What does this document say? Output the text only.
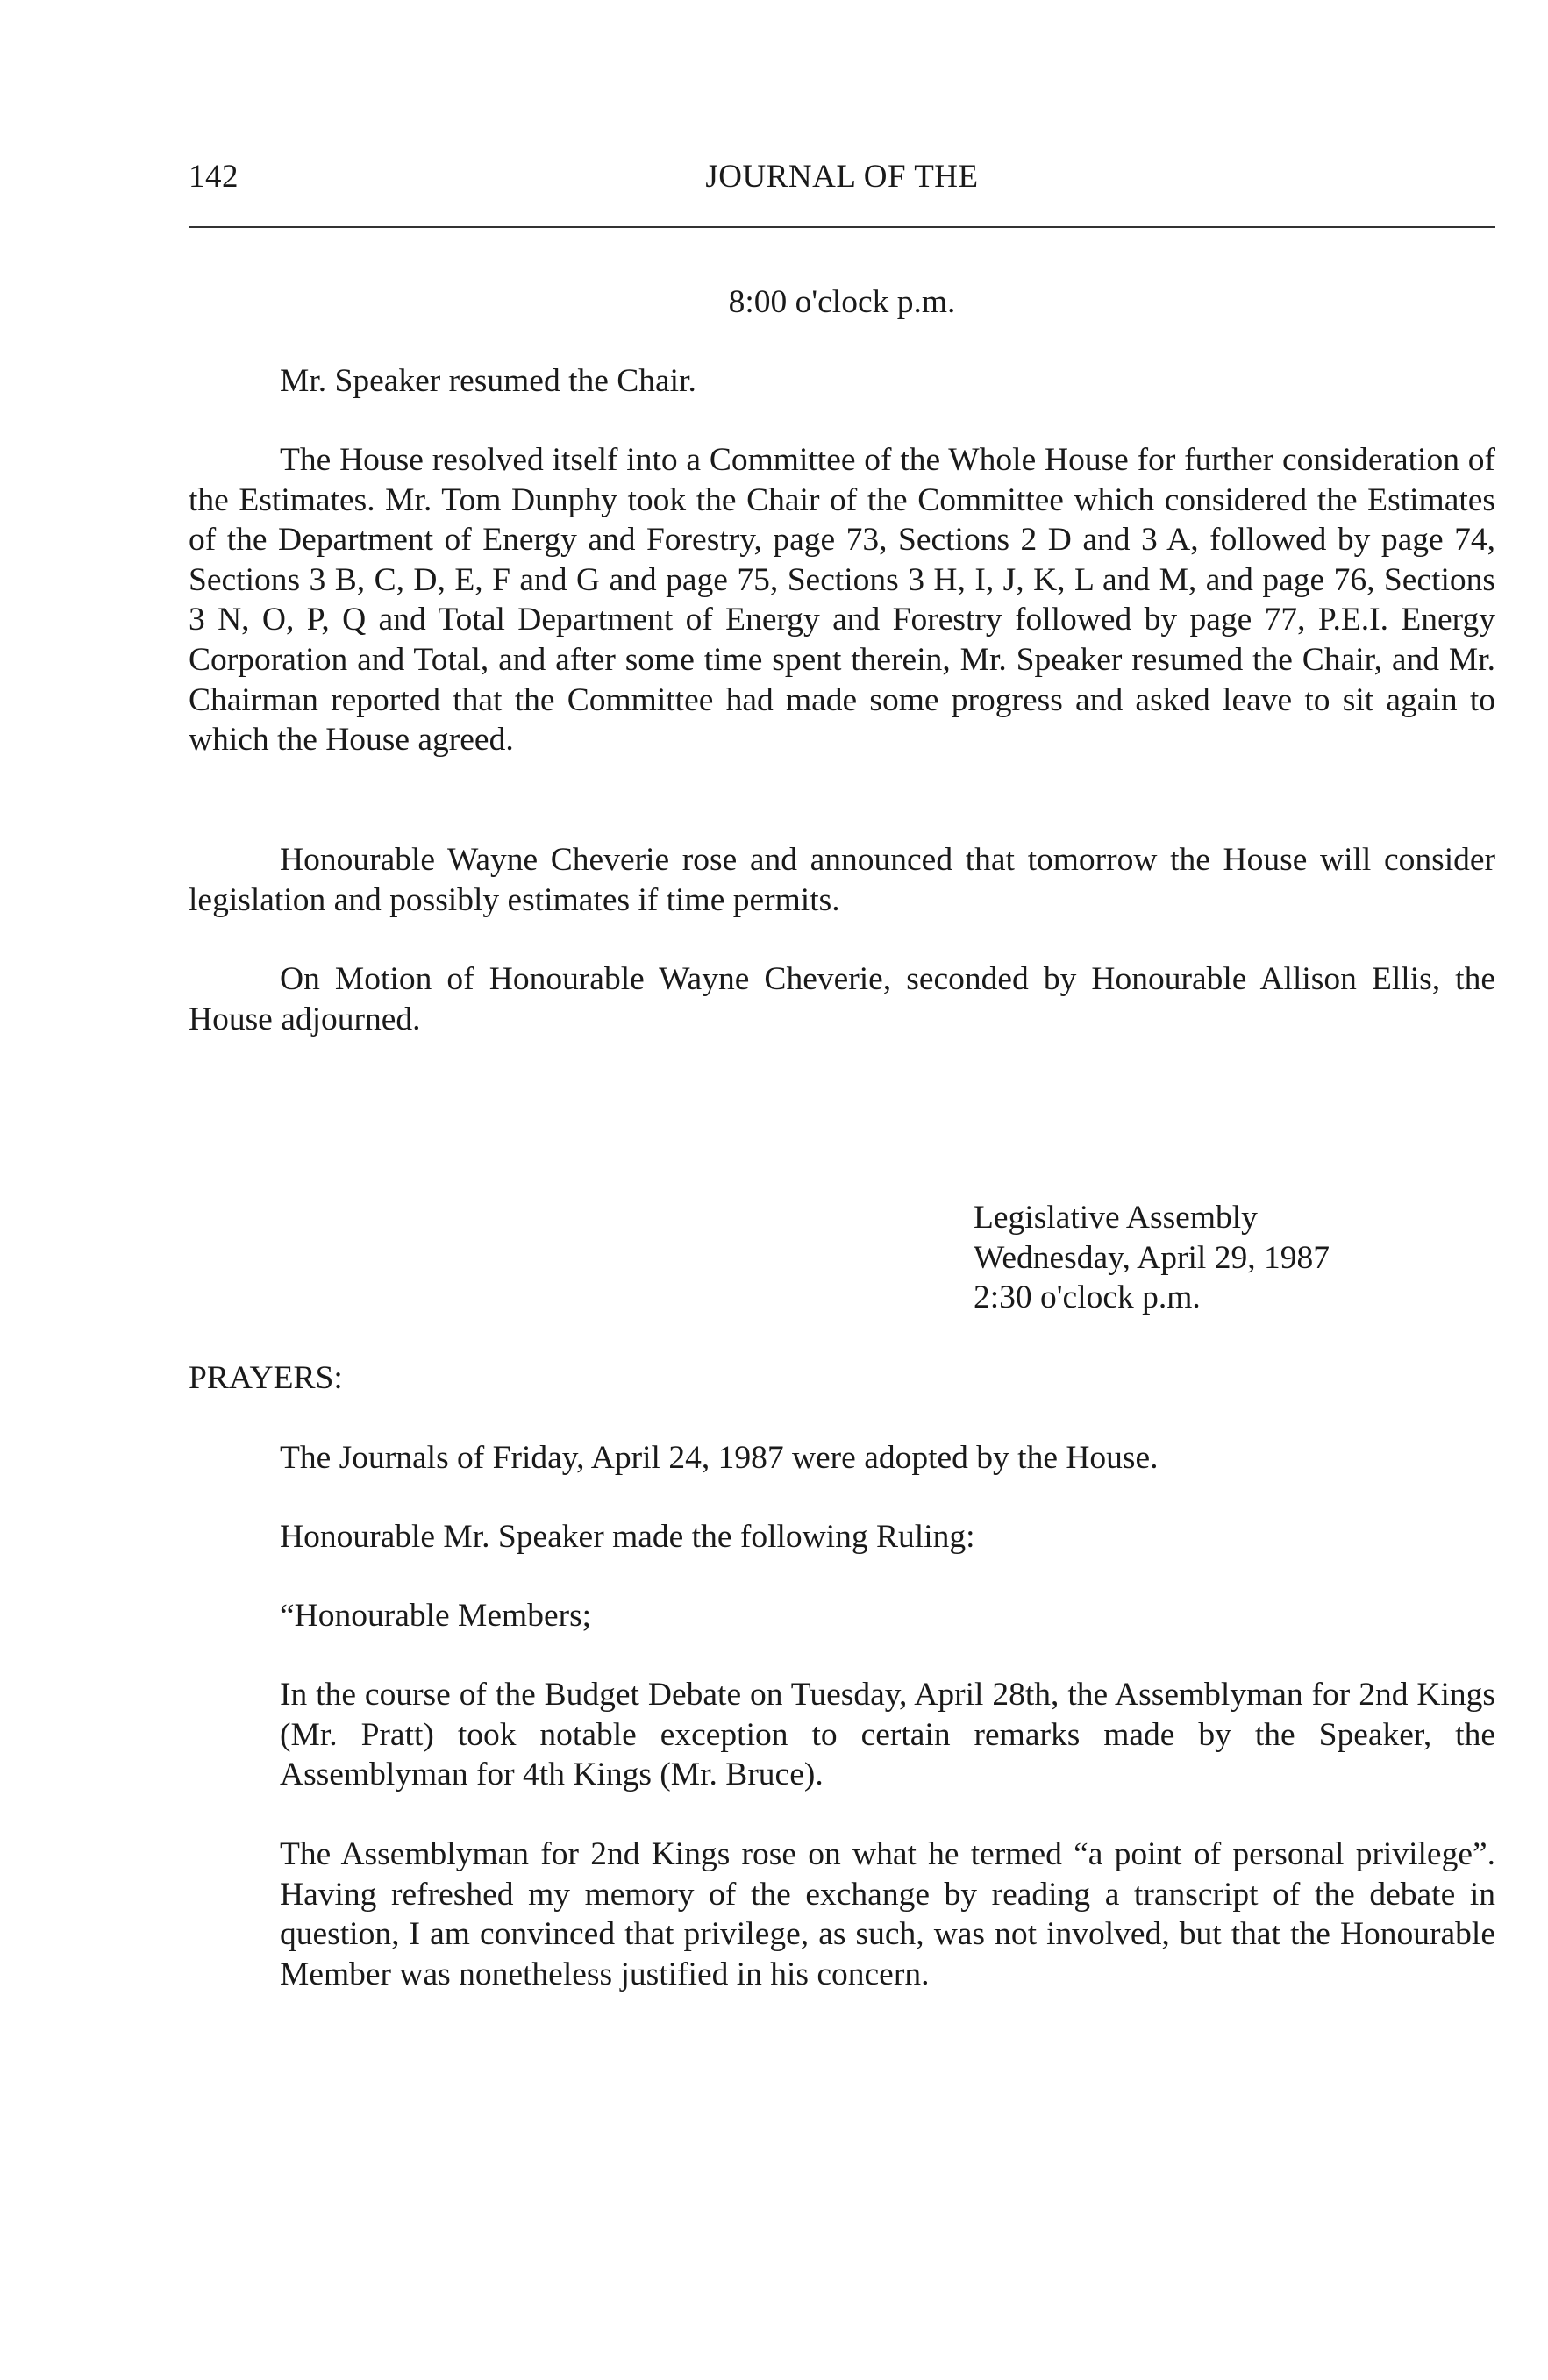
142	JOURNAL OF THE

8:00 o'clock p.m.

Mr. Speaker resumed the Chair.

The House resolved itself into a Committee of the Whole House for further consideration of the Estimates. Mr. Tom Dunphy took the Chair of the Committee which considered the Estimates of the Department of Energy and Forestry, page 73, Sections 2 D and 3 A, followed by page 74, Sections 3 B, C, D, E, F and G and page 75, Sections 3 H, I, J, K, L and M, and page 76, Sections 3 N, O, P, Q and Total Department of Energy and Forestry followed by page 77, P.E.I. Energy Corporation and Total, and after some time spent therein, Mr. Speaker resumed the Chair, and Mr. Chairman reported that the Committee had made some progress and asked leave to sit again to which the House agreed.

Honourable Wayne Cheverie rose and announced that tomorrow the House will consider legislation and possibly estimates if time permits.

On Motion of Honourable Wayne Cheverie, seconded by Honourable Allison Ellis, the House adjourned.

Legislative Assembly
Wednesday, April 29, 1987
2:30 o'clock p.m.
PRAYERS:

The Journals of Friday, April 24, 1987 were adopted by the House.

Honourable Mr. Speaker made the following Ruling:

“Honourable Members;

In the course of the Budget Debate on Tuesday, April 28th, the Assemblyman for 2nd Kings (Mr. Pratt) took notable exception to certain remarks made by the Speaker, the Assemblyman for 4th Kings (Mr. Bruce).

The Assemblyman for 2nd Kings rose on what he termed “a point of personal privilege”. Having refreshed my memory of the exchange by reading a transcript of the debate in question, I am convinced that privilege, as such, was not involved, but that the Honourable Member was nonetheless justified in his concern.
